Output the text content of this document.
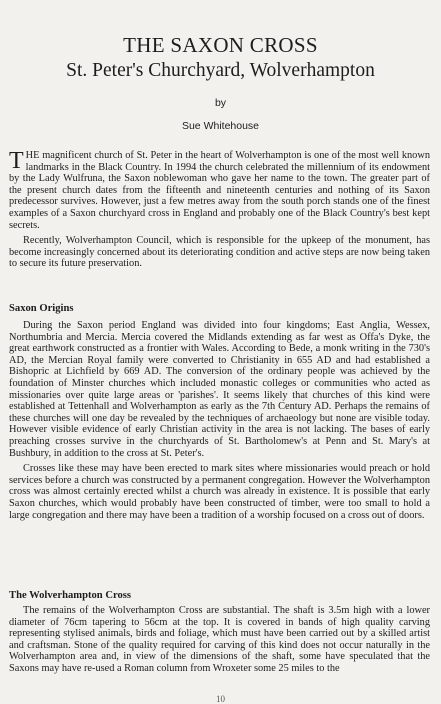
THE SAXON CROSS
St. Peter's Churchyard, Wolverhampton
by
Sue Whitehouse

THE magnificent church of St. Peter in the heart of Wolverhampton is one of the most well known landmarks in the Black Country. In 1994 the church celebrated the millennium of its endowment by the Lady Wulfruna, the Saxon noblewoman who gave her name to the town. The greater part of the present church dates from the fifteenth and nineteenth centuries and nothing of its Saxon predecessor survives. However, just a few metres away from the south porch stands one of the finest examples of a Saxon churchyard cross in England and probably one of the Black Country's best kept secrets.

Recently, Wolverhampton Council, which is responsible for the upkeep of the monument, has become increasingly concerned about its deteriorating condition and active steps are now being taken to secure its future preservation.

Saxon Origins

During the Saxon period England was divided into four kingdoms; East Anglia, Wessex, Northumbria and Mercia. Mercia covered the Midlands extending as far west as Offa's Dyke, the great earthwork constructed as a frontier with Wales. According to Bede, a monk writing in the 730's AD, the Mercian Royal family were converted to Christianity in 655 AD and had established a Bishopric at Lichfield by 669 AD. The conversion of the ordinary people was achieved by the foundation of Minster churches which included monastic colleges or communities who acted as missionaries over quite large areas or 'parishes'. It seems likely that churches of this kind were established at Tettenhall and Wolverhampton as early as the 7th Century AD. Perhaps the remains of these churches will one day be revealed by the techniques of archaeology but none are visible today. However visible evidence of early Christian activity in the area is not lacking. The bases of early preaching crosses survive in the churchyards of St. Bartholomew's at Penn and St. Mary's at Bushbury, in addition to the cross at St. Peter's.

Crosses like these may have been erected to mark sites where missionaries would preach or hold services before a church was constructed by a permanent congregation. However the Wolverhampton cross was almost certainly erected whilst a church was already in existence. It is possible that early Saxon churches, which would probably have been constructed of timber, were too small to hold a large congregation and there may have been a tradition of a worship focused on a cross out of doors.

The Wolverhampton Cross

The remains of the Wolverhampton Cross are substantial. The shaft is 3.5m high with a lower diameter of 76cm tapering to 56cm at the top. It is covered in bands of high quality carving representing stylised animals, birds and foliage, which must have been carried out by a skilled artist and craftsman. Stone of the quality required for carving of this kind does not occur naturally in the Wolverhampton area and, in view of the dimensions of the shaft, some have speculated that the Saxons may have re-used a Roman column from Wroxeter some 25 miles to the

10
